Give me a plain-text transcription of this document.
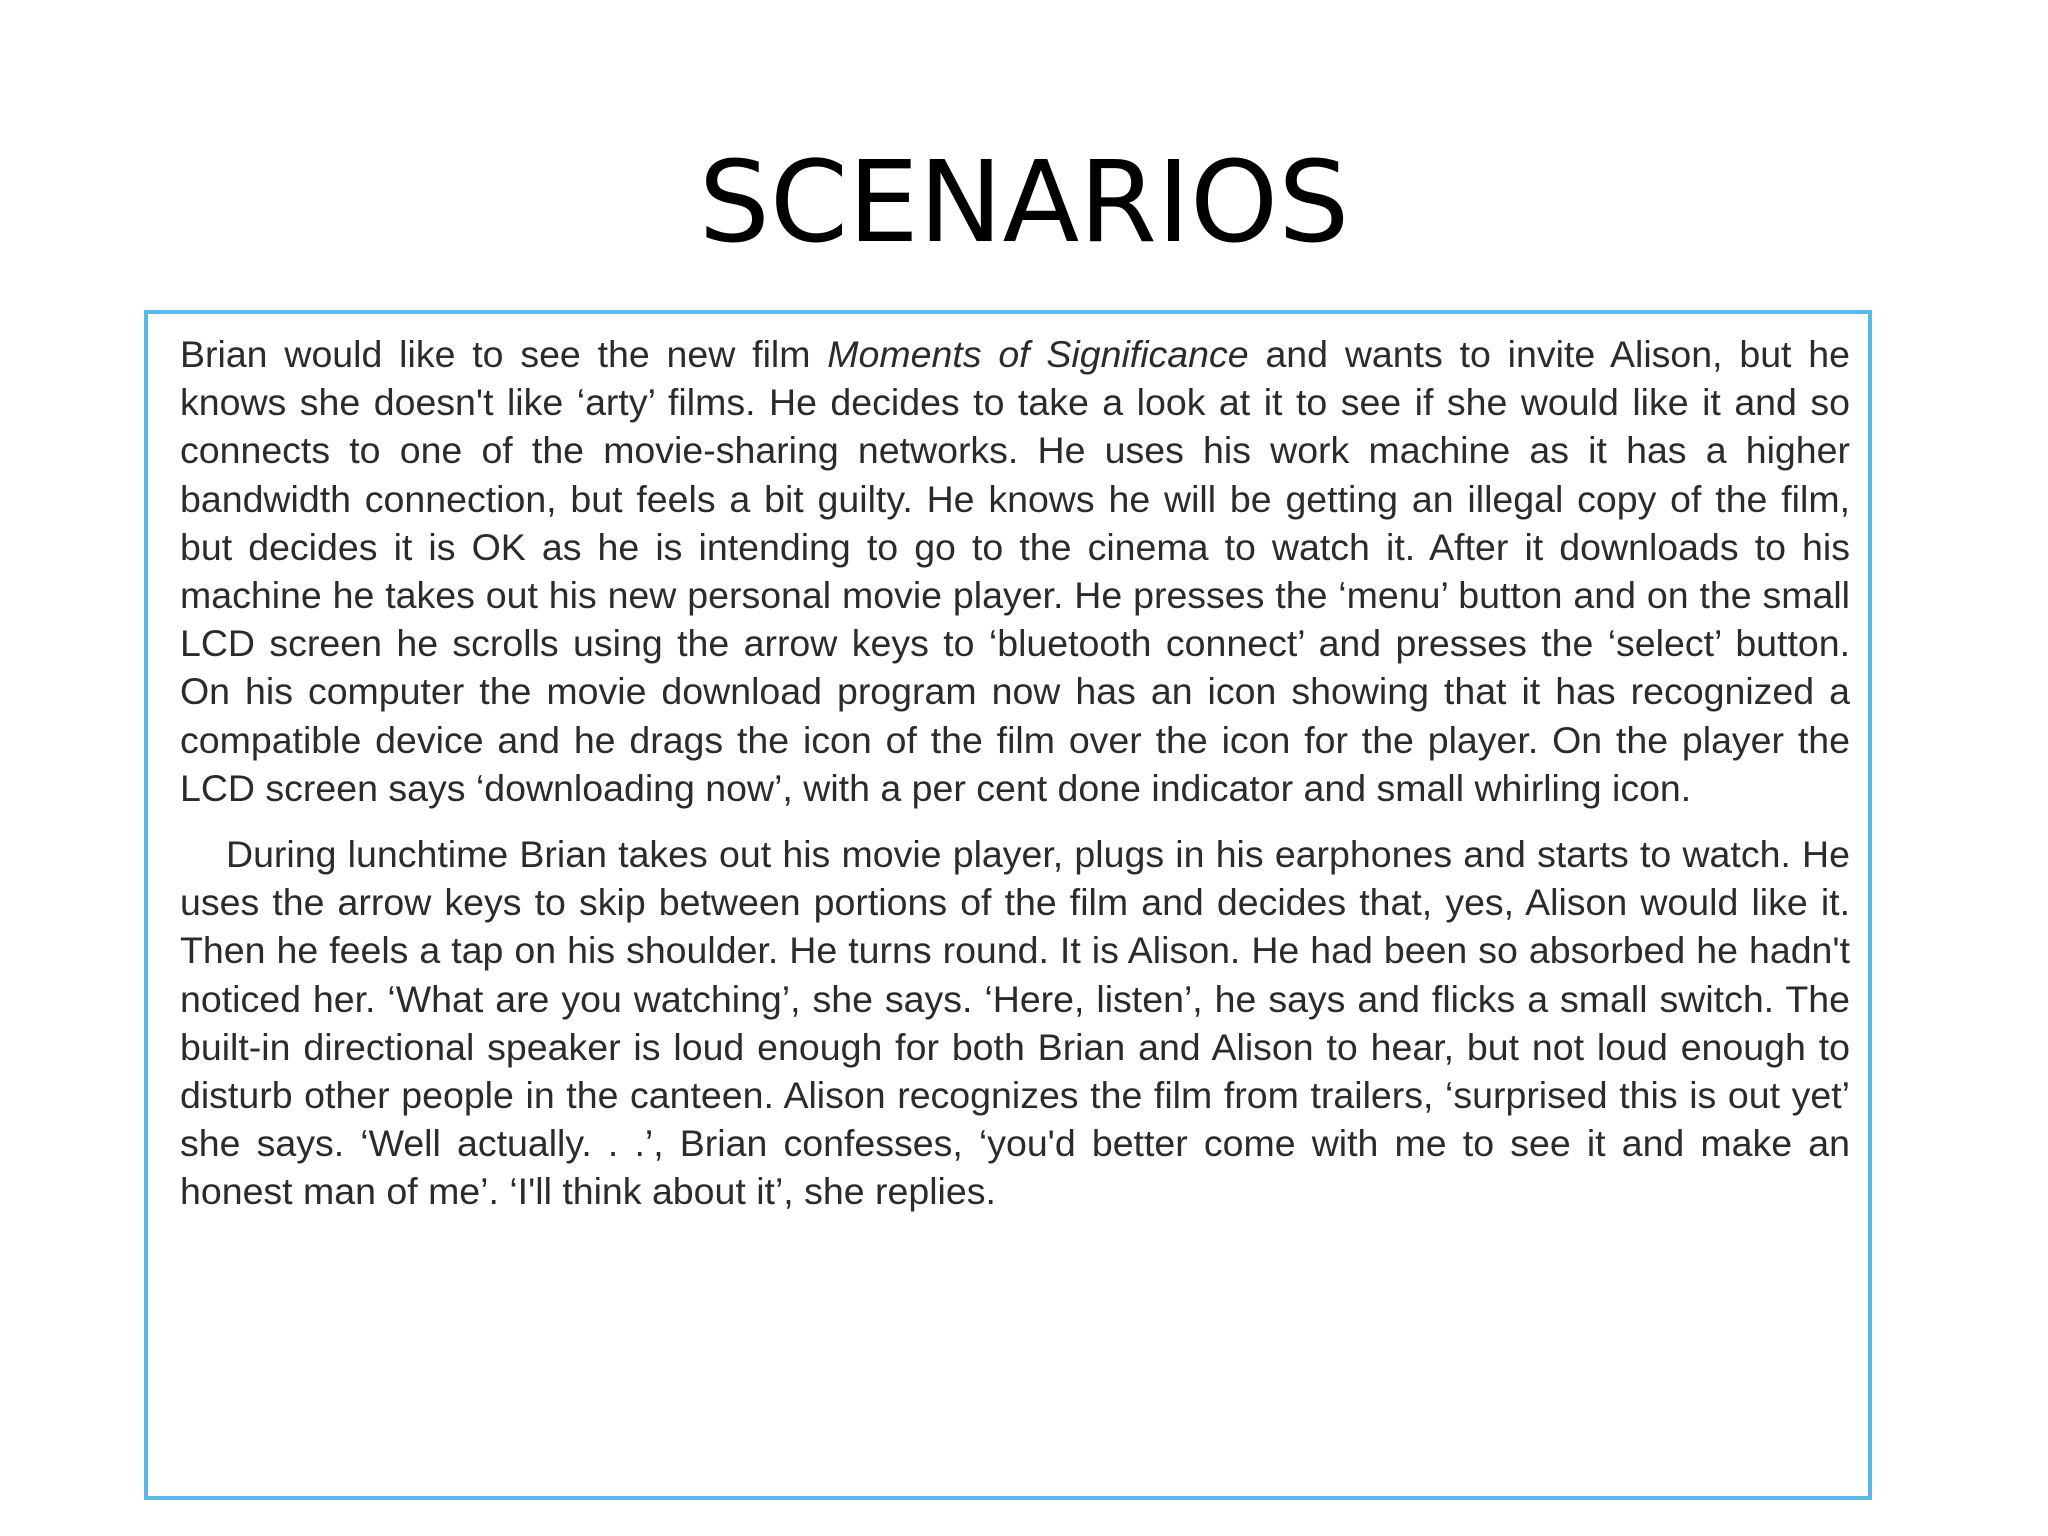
SCENARIOS

Brian would like to see the new film Moments of Significance and wants to invite Alison, but he knows she doesn't like ‘arty’ films. He decides to take a look at it to see if she would like it and so connects to one of the movie-sharing networks. He uses his work machine as it has a higher bandwidth connection, but feels a bit guilty. He knows he will be getting an illegal copy of the film, but decides it is OK as he is intending to go to the cinema to watch it. After it downloads to his machine he takes out his new personal movie player. He presses the ‘menu’ button and on the small LCD screen he scrolls using the arrow keys to ‘bluetooth connect’ and presses the ‘select’ button. On his computer the movie download program now has an icon showing that it has recognized a compatible device and he drags the icon of the film over the icon for the player. On the player the LCD screen says ‘downloading now’, with a per cent done indicator and small whirling icon.

During lunchtime Brian takes out his movie player, plugs in his earphones and starts to watch. He uses the arrow keys to skip between portions of the film and decides that, yes, Alison would like it. Then he feels a tap on his shoulder. He turns round. It is Alison. He had been so absorbed he hadn't noticed her. ‘What are you watching’, she says. ‘Here, listen’, he says and flicks a small switch. The built-in directional speaker is loud enough for both Brian and Alison to hear, but not loud enough to disturb other people in the canteen. Alison recognizes the film from trailers, ‘surprised this is out yet’ she says. ‘Well actually. . .’, Brian confesses, ‘you'd better come with me to see it and make an honest man of me’. ‘I'll think about it’, she replies.
